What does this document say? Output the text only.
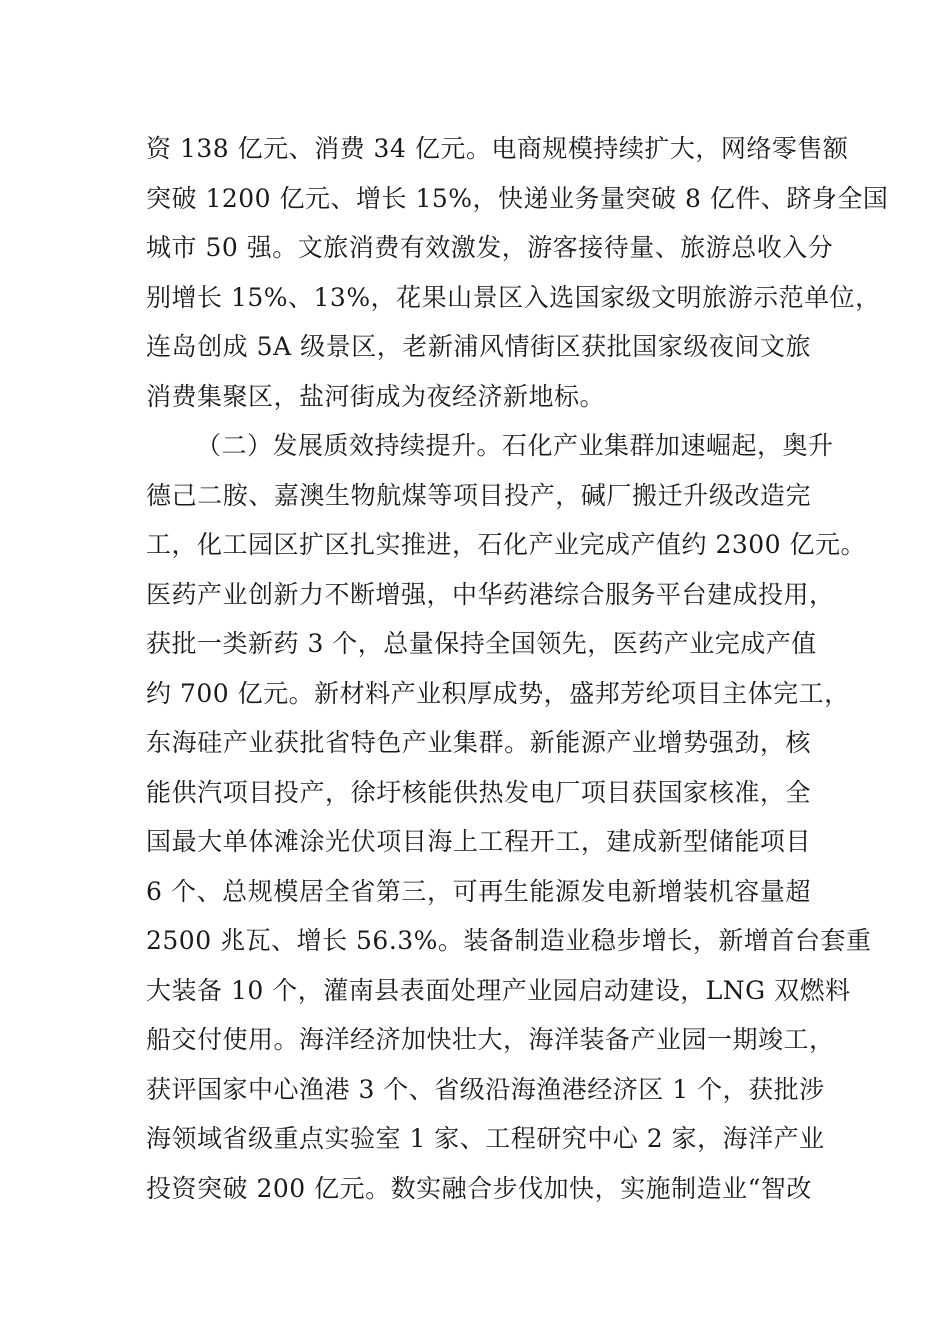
资 138 亿元、消费 34 亿元。电商规模持续扩大，网络零售额
突破 1200 亿元、增长 15%，快递业务量突破 8 亿件、跻身全国
城市 50 强。文旅消费有效激发，游客接待量、旅游总收入分
别增长 15%、13%，花果山景区入选国家级文明旅游示范单位，
连岛创成 5A 级景区，老新浦风情街区获批国家级夜间文旅
消费集聚区，盐河街成为夜经济新地标。
（二）发展质效持续提升。石化产业集群加速崛起，奥升
德己二胺、嘉澳生物航煤等项目投产，碱厂搬迁升级改造完
工，化工园区扩区扎实推进，石化产业完成产值约 2300 亿元。
医药产业创新力不断增强，中华药港综合服务平台建成投用，
获批一类新药 3 个，总量保持全国领先，医药产业完成产值
约 700 亿元。新材料产业积厚成势，盛邦芳纶项目主体完工，
东海硅产业获批省特色产业集群。新能源产业增势强劲，核
能供汽项目投产，徐圩核能供热发电厂项目获国家核准，全
国最大单体滩涂光伏项目海上工程开工，建成新型储能项目
6 个、总规模居全省第三，可再生能源发电新增装机容量超
2500 兆瓦、增长 56.3%。装备制造业稳步增长，新增首台套重
大装备 10 个，灌南县表面处理产业园启动建设，LNG 双燃料
船交付使用。海洋经济加快壮大，海洋装备产业园一期竣工，
获评国家中心渔港 3 个、省级沿海渔港经济区 1 个，获批涉
海领域省级重点实验室 1 家、工程研究中心 2 家，海洋产业
投资突破 200 亿元。数实融合步伐加快，实施制造业“智改
